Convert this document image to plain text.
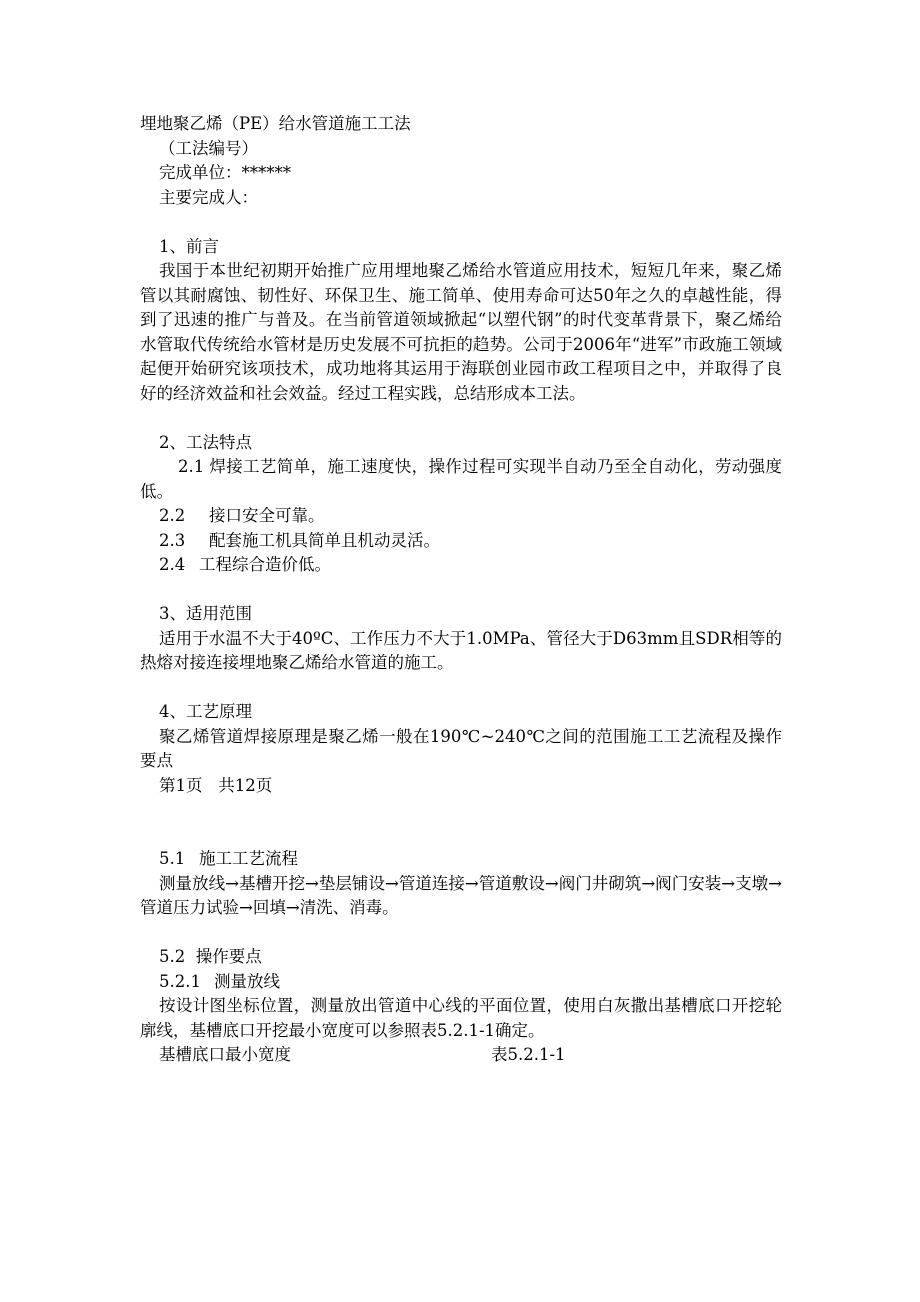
埋地聚乙烯（PE）给水管道施工工法
（工法编号）
完成单位：******
主要完成人：
1、前言

我国于本世纪初期开始推广应用埋地聚乙烯给水管道应用技术，短短几年来，聚乙烯管以其耐腐蚀、韧性好、环保卫生、施工简单、使用寿命可达50年之久的卓越性能，得到了迅速的推广与普及。在当前管道领域掀起“以塑代钢”的时代变革背景下，聚乙烯给水管取代传统给水管材是历史发展不可抗拒的趋势。公司于2006年“进军”市政施工领域起便开始研究该项技术，成功地将其运用于海联创业园市政工程项目之中，并取得了良好的经济效益和社会效益。经过工程实践，总结形成本工法。

2、工法特点

2.1 焊接工艺简单，施工速度快，操作过程可实现半自动乃至全自动化，劳动强度低。

2.2 接口安全可靠。
2.3 配套施工机具简单且机动灵活。
2.4 工程综合造价低。
3、适用范围

适用于水温不大于40ºC、工作压力不大于1.0MPa、管径大于D63mm且SDR相等的热熔对接连接埋地聚乙烯给水管道的施工。

4、工艺原理

聚乙烯管道焊接原理是聚乙烯一般在190℃~240℃之间的范围施工工艺流程及操作要点

第1页   共12页
5.1 施工工艺流程

测量放线→基槽开挖→垫层铺设→管道连接→管道敷设→阀门井砌筑→阀门安装→支墩→管道压力试验→回填→清洗、消毒。

5.2  操作要点
5.2.1 测量放线

按设计图坐标位置，测量放出管道中心线的平面位置，使用白灰撒出基槽底口开挖轮廓线，基槽底口开挖最小宽度可以参照表5.2.1-1确定。

基槽底口最小宽度	表5.2.1-1
